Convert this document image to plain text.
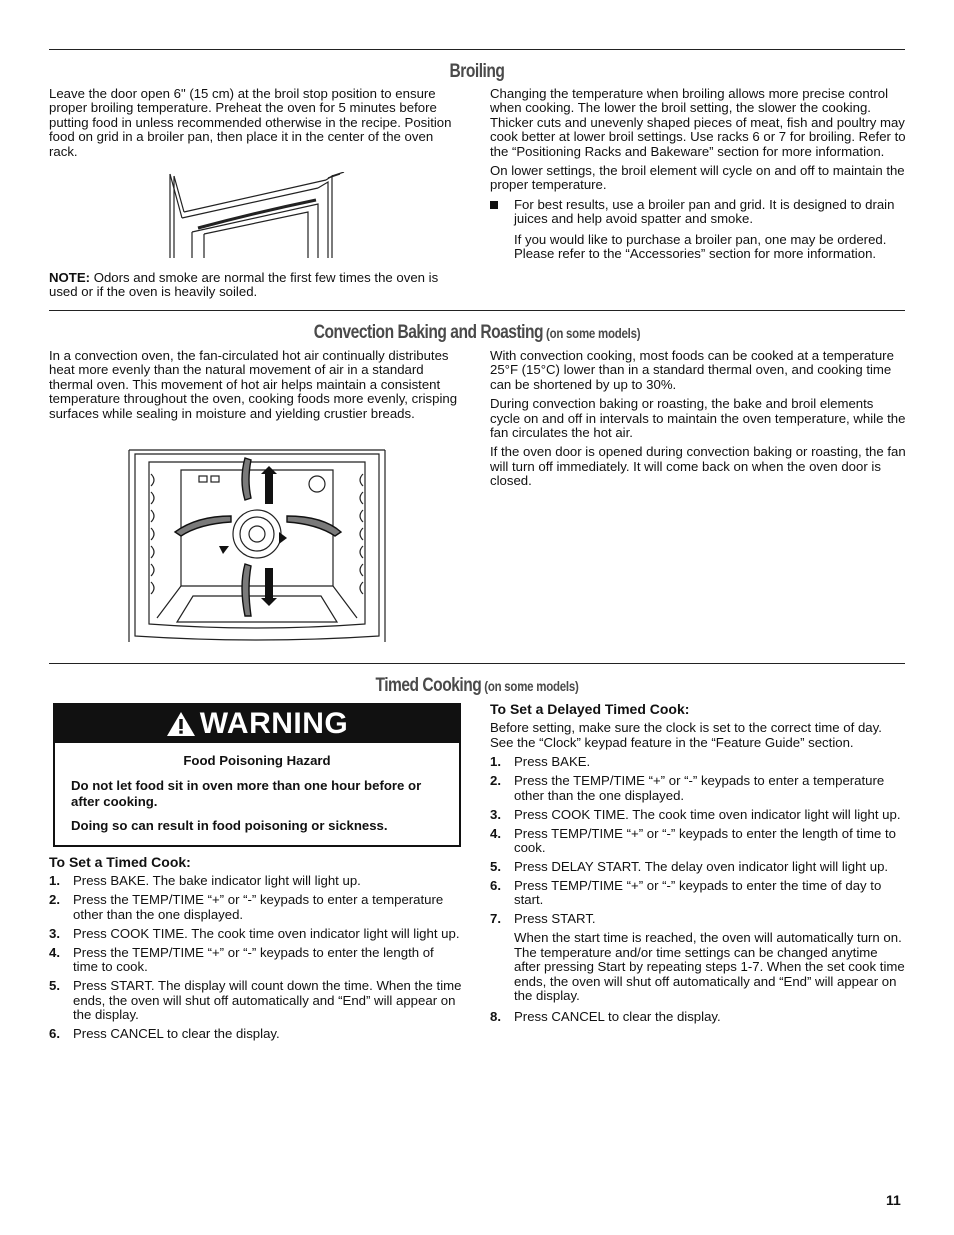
Broiling

Leave the door open 6" (15 cm) at the broil stop position to ensure proper broiling temperature. Preheat the oven for 5 minutes before putting food in unless recommended otherwise in the recipe. Position food on grid in a broiler pan, then place it in the center of the oven rack.

NOTE: Odors and smoke are normal the first few times the oven is used or if the oven is heavily soiled.

Changing the temperature when broiling allows more precise control when cooking. The lower the broil setting, the slower the cooking. Thicker cuts and unevenly shaped pieces of meat, fish and poultry may cook better at lower broil settings. Use racks 6 or 7 for broiling. Refer to the “Positioning Racks and Bakeware” section for more information.

On lower settings, the broil element will cycle on and off to maintain the proper temperature.

For best results, use a broiler pan and grid. It is designed to drain juices and help avoid spatter and smoke.

If you would like to purchase a broiler pan, one may be ordered. Please refer to the “Accessories” section for more information.

Convection Baking and Roasting (on some models)

In a convection oven, the fan-circulated hot air continually distributes heat more evenly than the natural movement of air in a standard thermal oven. This movement of hot air helps maintain a consistent temperature throughout the oven, cooking foods more evenly, crisping surfaces while sealing in moisture and yielding crustier breads.

With convection cooking, most foods can be cooked at a temperature 25°F (15°C) lower than in a standard thermal oven, and cooking time can be shortened by up to 30%.

During convection baking or roasting, the bake and broil elements cycle on and off in intervals to maintain the oven temperature, while the fan circulates the hot air.

If the oven door is opened during convection baking or roasting, the fan will turn off immediately. It will come back on when the oven door is closed.

Timed Cooking (on some models)
WARNING

Food Poisoning Hazard

Do not let food sit in oven more than one hour before or after cooking.

Doing so can result in food poisoning or sickness.

To Set a Timed Cook:

1. Press BAKE. The bake indicator light will light up.
2. Press the TEMP/TIME “+” or “-” keypads to enter a temperature other than the one displayed.
3. Press COOK TIME. The cook time oven indicator light will light up.
4. Press the TEMP/TIME “+” or “-” keypads to enter the length of time to cook.
5. Press START. The display will count down the time. When the time ends, the oven will shut off automatically and “End” will appear on the display.
6. Press CANCEL to clear the display.

To Set a Delayed Timed Cook:

Before setting, make sure the clock is set to the correct time of day. See the “Clock” keypad feature in the “Feature Guide” section.

1. Press BAKE.
2. Press the TEMP/TIME “+” or “-” keypads to enter a temperature other than the one displayed.
3. Press COOK TIME. The cook time oven indicator light will light up.
4. Press TEMP/TIME “+” or “-” keypads to enter the length of time to cook.
5. Press DELAY START. The delay oven indicator light will light up.
6. Press TEMP/TIME “+” or “-” keypads to enter the time of day to start.
7. Press START.

When the start time is reached, the oven will automatically turn on. The temperature and/or time settings can be changed anytime after pressing Start by repeating steps 1-7. When the set cook time ends, the oven will shut off automatically and “End” will appear on the display.

8. Press CANCEL to clear the display.
11
